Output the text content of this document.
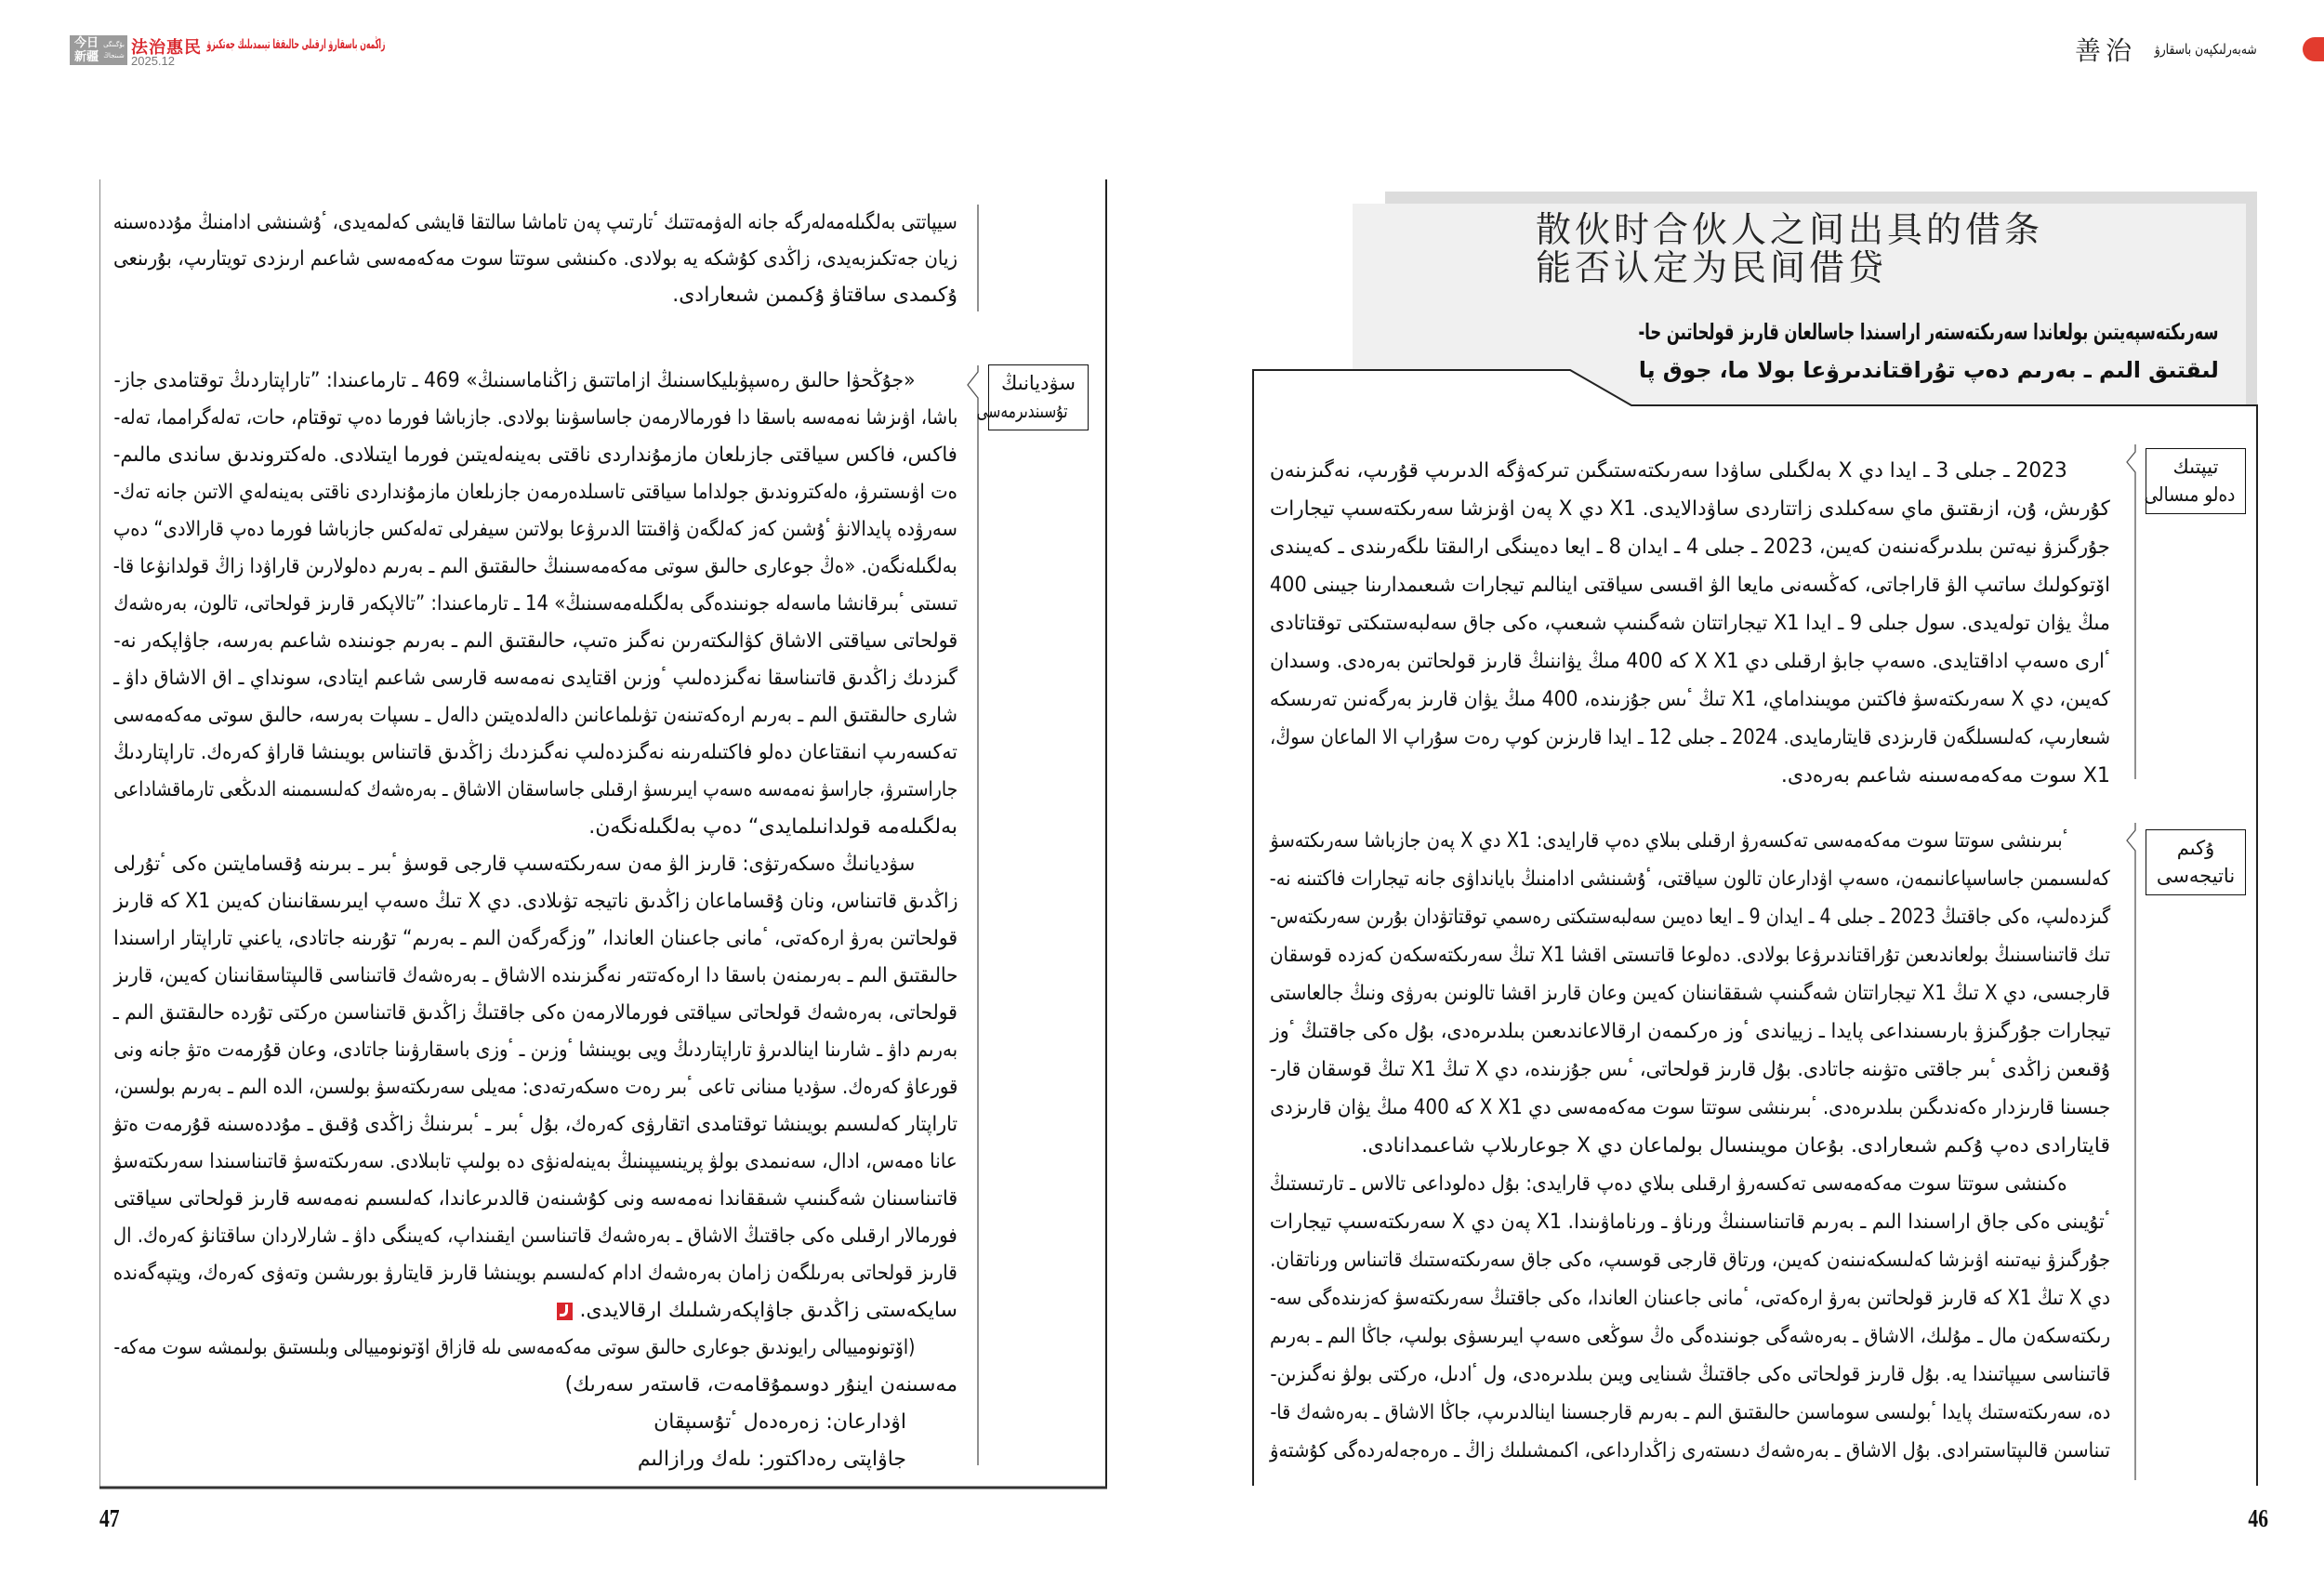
今日
新疆
بۇگىنگى
شىنجاڭ 法治惠民
2025.12
زاڭمەن باسقارۋ ارقىلى حالىققا تيىمدىلىك جەتكىزۋ	善治 شەبەرلىكپەن باسقارۋ
散伙时合伙人之间出具的借条
能否认定为民间借贷
سەرىكتەسپەيتىن بولعاندا سەرىكتەستەر اراسىندا جاسالعان قارىز قولحاتىن حا-
لىقتىق الىم ـ بەرىم دەپ تۇراقتاندىرۋعا بولا ما، جوق پا
تيپتىك
دەلو مىسالى
2023 ـ جىلى 3 ـ ايدا دي X بەلگىلى ساۋدا سەرىكتەستىگىن تىركەۋگە الدىرىپ قۇرىپ، نەگىزىنەن
كۇرىش، ۇن، ازىقتىق ماي سەكىلدى زاتتاردى ساۋدالايدى. X1 دي X پەن اۋىزشا سەرىكتەسىپ تيجارات
جۇرگىزۋ نيەتىن بىلدىرگەنىنەن كەيىن، 2023 ـ جىلى 4 ـ ايدان 8 ـ ايعا دەيىنگى ارالىقتا ىلگەرىندى ـ كەيىندى
اۆتوكولىك ساتىپ الۋ قاراجاتى، كەڭسەنى مايعا الۋ اقىسى سياقتى اينالىم تيجارات شىعىمدارىنا جيىنى 400
مىڭ يۋان تولەيدى. سول جىلى 9 ـ ايدا X1 تيجاراتتان شەگىنىپ شىعىپ، ەكى جاق سەلبەستىكتى توقتاتادى
ٴارى ەسەپ اداقتايدى. ەسەپ جابۋ ارقىلى دي X X1 كە 400 مىڭ يۋاننىڭ قارىز قولحاتىن بەرەدى. وسىدان
كەيىن، دي X سەرىكتەسۋ فاكتىن مويىنداماي، X1 تىڭ ٴىس جۇزىندە، 400 مىڭ يۋان قارىز بەرگەنىن تەرىسكە
شىعارىپ، كەلىسىلگەن قارىزدى قايتارمايدى. 2024 ـ جىلى 12 ـ ايدا قارىزىن كوپ رەت سۇراپ الا الماعان سوڭ،
X1 سوت مەكەمەسىنە شاعىم بەرەدى.
ۇكىم
ناتيجەسى
ٴبىرىنشى سوتتا سوت مەكەمەسى تەكسەرۋ ارقىلى بىلاي دەپ قارايدى: X1 دي X پەن جازباشا سەرىكتەسۋ
كەلىسىمىن جاساسپاعانىمەن، ەسەپ اۋدارعان تالون سياقتى، ٴۇشىنشى ادامنىڭ بايانداۋى جانە تيجارات فاكتىنە نە-
گىزدەلىپ، ەكى جاقتىڭ 2023 ـ جىلى 4 ـ ايدان 9 ـ ايعا دەيىن سەلبەستىكتى رەسمي توقتاتۋدان بۇرىن سەرىكتەس-
تىك قاتىناسىنىڭ بولعاندىعىن تۇراقتاندىرۋعا بولادى. دەلوعا قاتىستى اقشا X1 تىڭ سەرىكتەسكەن كەزدە قوسقان
قارجىسى، دي X تىڭ X1 تيجاراتتان شەگىنىپ شىققانىنان كەيىن وعان قارىز اقشا تالونىن بەرۋى ونىڭ جالعاستى
تيجارات جۇرگىزۋ بارىسىنداعى پايدا ـ زيياندى ٴوز ەركىمەن ارقالاعاندىعىن بىلدىرەدى، بۇل ەكى جاقتىڭ ٴوز
ۇقىعىن زاڭدى ٴبىر جاقتى ەتۋىنە جاتادى. بۇل قارىز قولحاتى، ٴىس جۇزىندە، دي X تىڭ X1 تىڭ قوسقان قار-
جىسىنا قارىزدار ەكەندىگىن بىلدىرەدى. ٴبىرىنشى سوتتا سوت مەكەمەسى دي X X1 كە 400 مىڭ يۋان قارىزدى
قايتارادى دەپ ۇكىم شىعارادى. بۇعان مويىنسال بولماعان دي X جوعارىلاپ شاعىمدانادى.
ەكىنشى سوتتا سوت مەكەمەسى تەكسەرۋ ارقىلى بىلاي دەپ قارايدى: بۇل دەلوداعى تالاس ـ تارتىستىڭ
ٴتۇيىنى ەكى جاق اراسىندا الىم ـ بەرىم قاتىناسىنىڭ ورناۋ ـ ورناماۋىندا. X1 پەن دي X سەرىكتەسىپ تيجارات
جۇرگىزۋ نيەتىنە اۋىزشا كەلىسكەنىنەن كەيىن، ورتاق قارجى قوسىپ، ەكى جاق سەرىكتەستىك قاتىناس ورناتقان.
دي X تىڭ X1 كە قارىز قولحاتىن بەرۋ ارەكەتى، ٴمانى جاعىنان العاندا، ەكى جاقتىڭ سەرىكتەسۋ كەزىندەگى سە-
رىكتەسكەن مال ـ مۇلىك، الاشاق ـ بەرەشەگى جونىندەگى ەڭ سوڭعى ەسەپ ايىرىسۋى بولىپ، جاڭا الىم ـ بەرىم
قاتىناسى سيپاتىندا يە. بۇل قارىز قولحاتى ەكى جاقتىڭ شىنايى ويىن بىلدىرەدى، ول ٴادىل، ەركتى بولۋ نەگىزىن-
دە، سەرىكتەستىك پايدا ٴبولىسى سوماسىن حالىقتىق الىم ـ بەرىم قارجىسىنا اينالدىرىپ، جاڭا الاشاق ـ بەرەشەك قا-
تىناسىن قالىپتاستىرادى. بۇل الاشاق ـ بەرەشەك دىستەرى زاڭدارداعى، اكىمشىلىك زاڭ ـ ەرەجەلەردەگى كۇشتەۋ
46
سيپاتتى بەلگىلەمەلەرگە جانە الەۋمەتتىك ٴتارتىپ پەن تاماشا سالتقا قايشى كەلمەيدى، ٴۇشىنشى ادامنىڭ مۇددەسىنە
زيان جەتكىزبەيدى، زاڭدى كۇشكە يە بولادى. ەكىنشى سوتتا سوت مەكەمەسى شاعىم ارىزدى تويتارىپ، بۇرىنعى
ۇكىمدى ساقتاۋ ۇكىمىن شىعارادى.
سۋديانىڭ
تۇسىندىرمەسى
«جۇڭحۋا حالىق رەسپۋبليكاسىنىڭ ازاماتتىق زاڭناماسىنىڭ» 469 ـ تارماعىندا: ”تاراپتاردىڭ توقتامدى جاز-
باشا، اۋىزشا نەمەسە باسقا دا فورمالارمەن جاساسۋىنا بولادى. جازباشا فورما دەپ توقتام، حات، تەلەگرامما، تەلە-
فاكس، فاكس سياقتى جازىلعان مازمۇنداردى ناقتى بەينەلەيتىن فورما ايتىلادى. ەلەكتروندىق ساندى مالىم-
ەت اۋىستىرۋ، ەلەكتروندىق جولداما سياقتى تاسىلدەرمەن جازىلعان مازمۇنداردى ناقتى بەينەلەي الاتىن جانە تەك-
سەرۋدە پايدالانۋ ٴۇشىن كەز كەلگەن ۋاقىتتا الدىرۋعا بولاتىن سيفرلى تەلەكس جازباشا فورما دەپ قارالادى“ دەپ
بەلگىلەنگەن. «ەڭ جوعارى حالىق سوتى مەكەمەسىنىڭ حالىقتىق الىم ـ بەرىم دەلولارىن قاراۋدا زاڭ قولدانۋعا قا-
تىستى ٴبىرقانشا ماسەلە جونىندەگى بەلگىلەمەسىنىڭ» 14 ـ تارماعىندا: ”تالاپكەر قارىز قولحاتى، تالون، بەرەشەك
قولحاتى سياقتى الاشاق كۋالىكتەرىن نەگىز ەتىپ، حالىقتىق الىم ـ بەرىم جونىندە شاعىم بەرسە، جاۋاپكەر نە-
گىزدىك زاڭدىق قاتىناسقا نەگىزدەلىپ ٴوزىن اقتايدى نەمەسە قارسى شاعىم ايتادى، سونداي ـ اق الاشاق داۋ ـ
شارى حالىقتىق الىم ـ بەرىم ارەكەتىنەن تۋىلماعانىن دالەلدەيتىن دالەل ـ ىسپات بەرسە، حالىق سوتى مەكەمەسى
تەكسەرىپ انىقتاعان دەلو فاكتىلەرىنە نەگىزدەلىپ نەگىزدىك زاڭدىق قاتىناس بويىنشا قاراۋ كەرەك. تاراپتاردىڭ
جاراستىرۋ، جاراسۋ نەمەسە ەسەپ ايىرىسۋ ارقىلى جاساسقان الاشاق ـ بەرەشەك كەلىسىمىنە الدىڭعى تارماقشاداعى
بەلگىلەمە قولدانىلمايدى“ دەپ بەلگىلەنگەن.
سۋديانىڭ ەسكەرتۋى: قارىز الۋ مەن سەرىكتەسىپ قارجى قوسۋ ٴبىر ـ بىرىنە ۇقسامايتىن ەكى ٴتۇرلى
زاڭدىق قاتىناس، ونان ۇقساماعان زاڭدىق ناتيجە تۋىلادى. دي X تىڭ ەسەپ ايىرىسقانىنان كەيىن X1 كە قارىز
قولحاتىن بەرۋ ارەكەتى، ٴمانى جاعىنان العاندا، ”وزگەرگەن الىم ـ بەرىم“ تۇرىنە جاتادى، ياعني تاراپتار اراسىندا
حالىقتىق الىم ـ بەرىمنەن باسقا دا ارەكەتتەر نەگىزىندە الاشاق ـ بەرەشەك قاتىناسى قالىپتاسقانىنان كەيىن، قارىز
قولحاتى، بەرەشەك قولحاتى سياقتى فورمالارمەن ەكى جاقتىڭ زاڭدىق قاتىناسىن ەركتى تۇردە حالىقتىق الىم ـ
بەرىم داۋ ـ شارىنا اينالدىرۋ تاراپتاردىڭ ويى بويىنشا ٴوزىن ـ ٴوزى باسقارۋىنا جاتادى، وعان قۇرمەت ەتۋ جانە ونى
قورعاۋ كەرەك. سۋديا مىنانى تاعى ٴبىر رەت ەسكەرتەدى: مەيلى سەرىكتەسۋ بولسىن، الدە الىم ـ بەرىم بولسىن،
تاراپتار كەلىسىم بويىنشا توقتامدى اتقارۋى كەرەك، بۇل ٴبىر ـ ٴبىرىنىڭ زاڭدى ۇقىق ـ مۇددەسىنە قۇرمەت ەتۋ
عانا ەمەس، ادال، سەنىمدى بولۋ پرينسيپىنىڭ بەينەلەنۋى دە بولىپ تابىلادى. سەرىكتەسۋ قاتىناسىندا سەرىكتەسۋ
قاتىناسىنان شەگىنىپ شىققاندا نەمەسە ونى كۇشىنەن قالدىرعاندا، كەلىسىم نەمەسە قارىز قولحاتى سياقتى
فورمالار ارقىلى ەكى جاقتىڭ الاشاق ـ بەرەشەك قاتىناسىن ايقىنداپ، كەيىنگى داۋ ـ شارلاردان ساقتانۋ كەرەك. ال
قارىز قولحاتى بەرىلگەن زامان بەرەشەك ادام كەلىسىم بويىنشا قارىز قايتارۋ بورىشىن وتەۋى كەرەك، ويتپەگەندە
سايكەستى زاڭدىق جاۋاپكەرشىلىك ارقالايدى.
(اۆتونومييالى رايوندىق جوعارى حالىق سوتى مەكەمەسى ىلە قازاق اۆتونومييالى وبلىستىق بولىمشە سوت مەكە-
مەسىنەن اينۇر دوسمۇقامەت، قاستەر سەرىك)
اۋدارعان: زەرەدەل ٴتۇسىپقان
جاۋاپتى رەداكتور: ىلەك ورازالىم
47
